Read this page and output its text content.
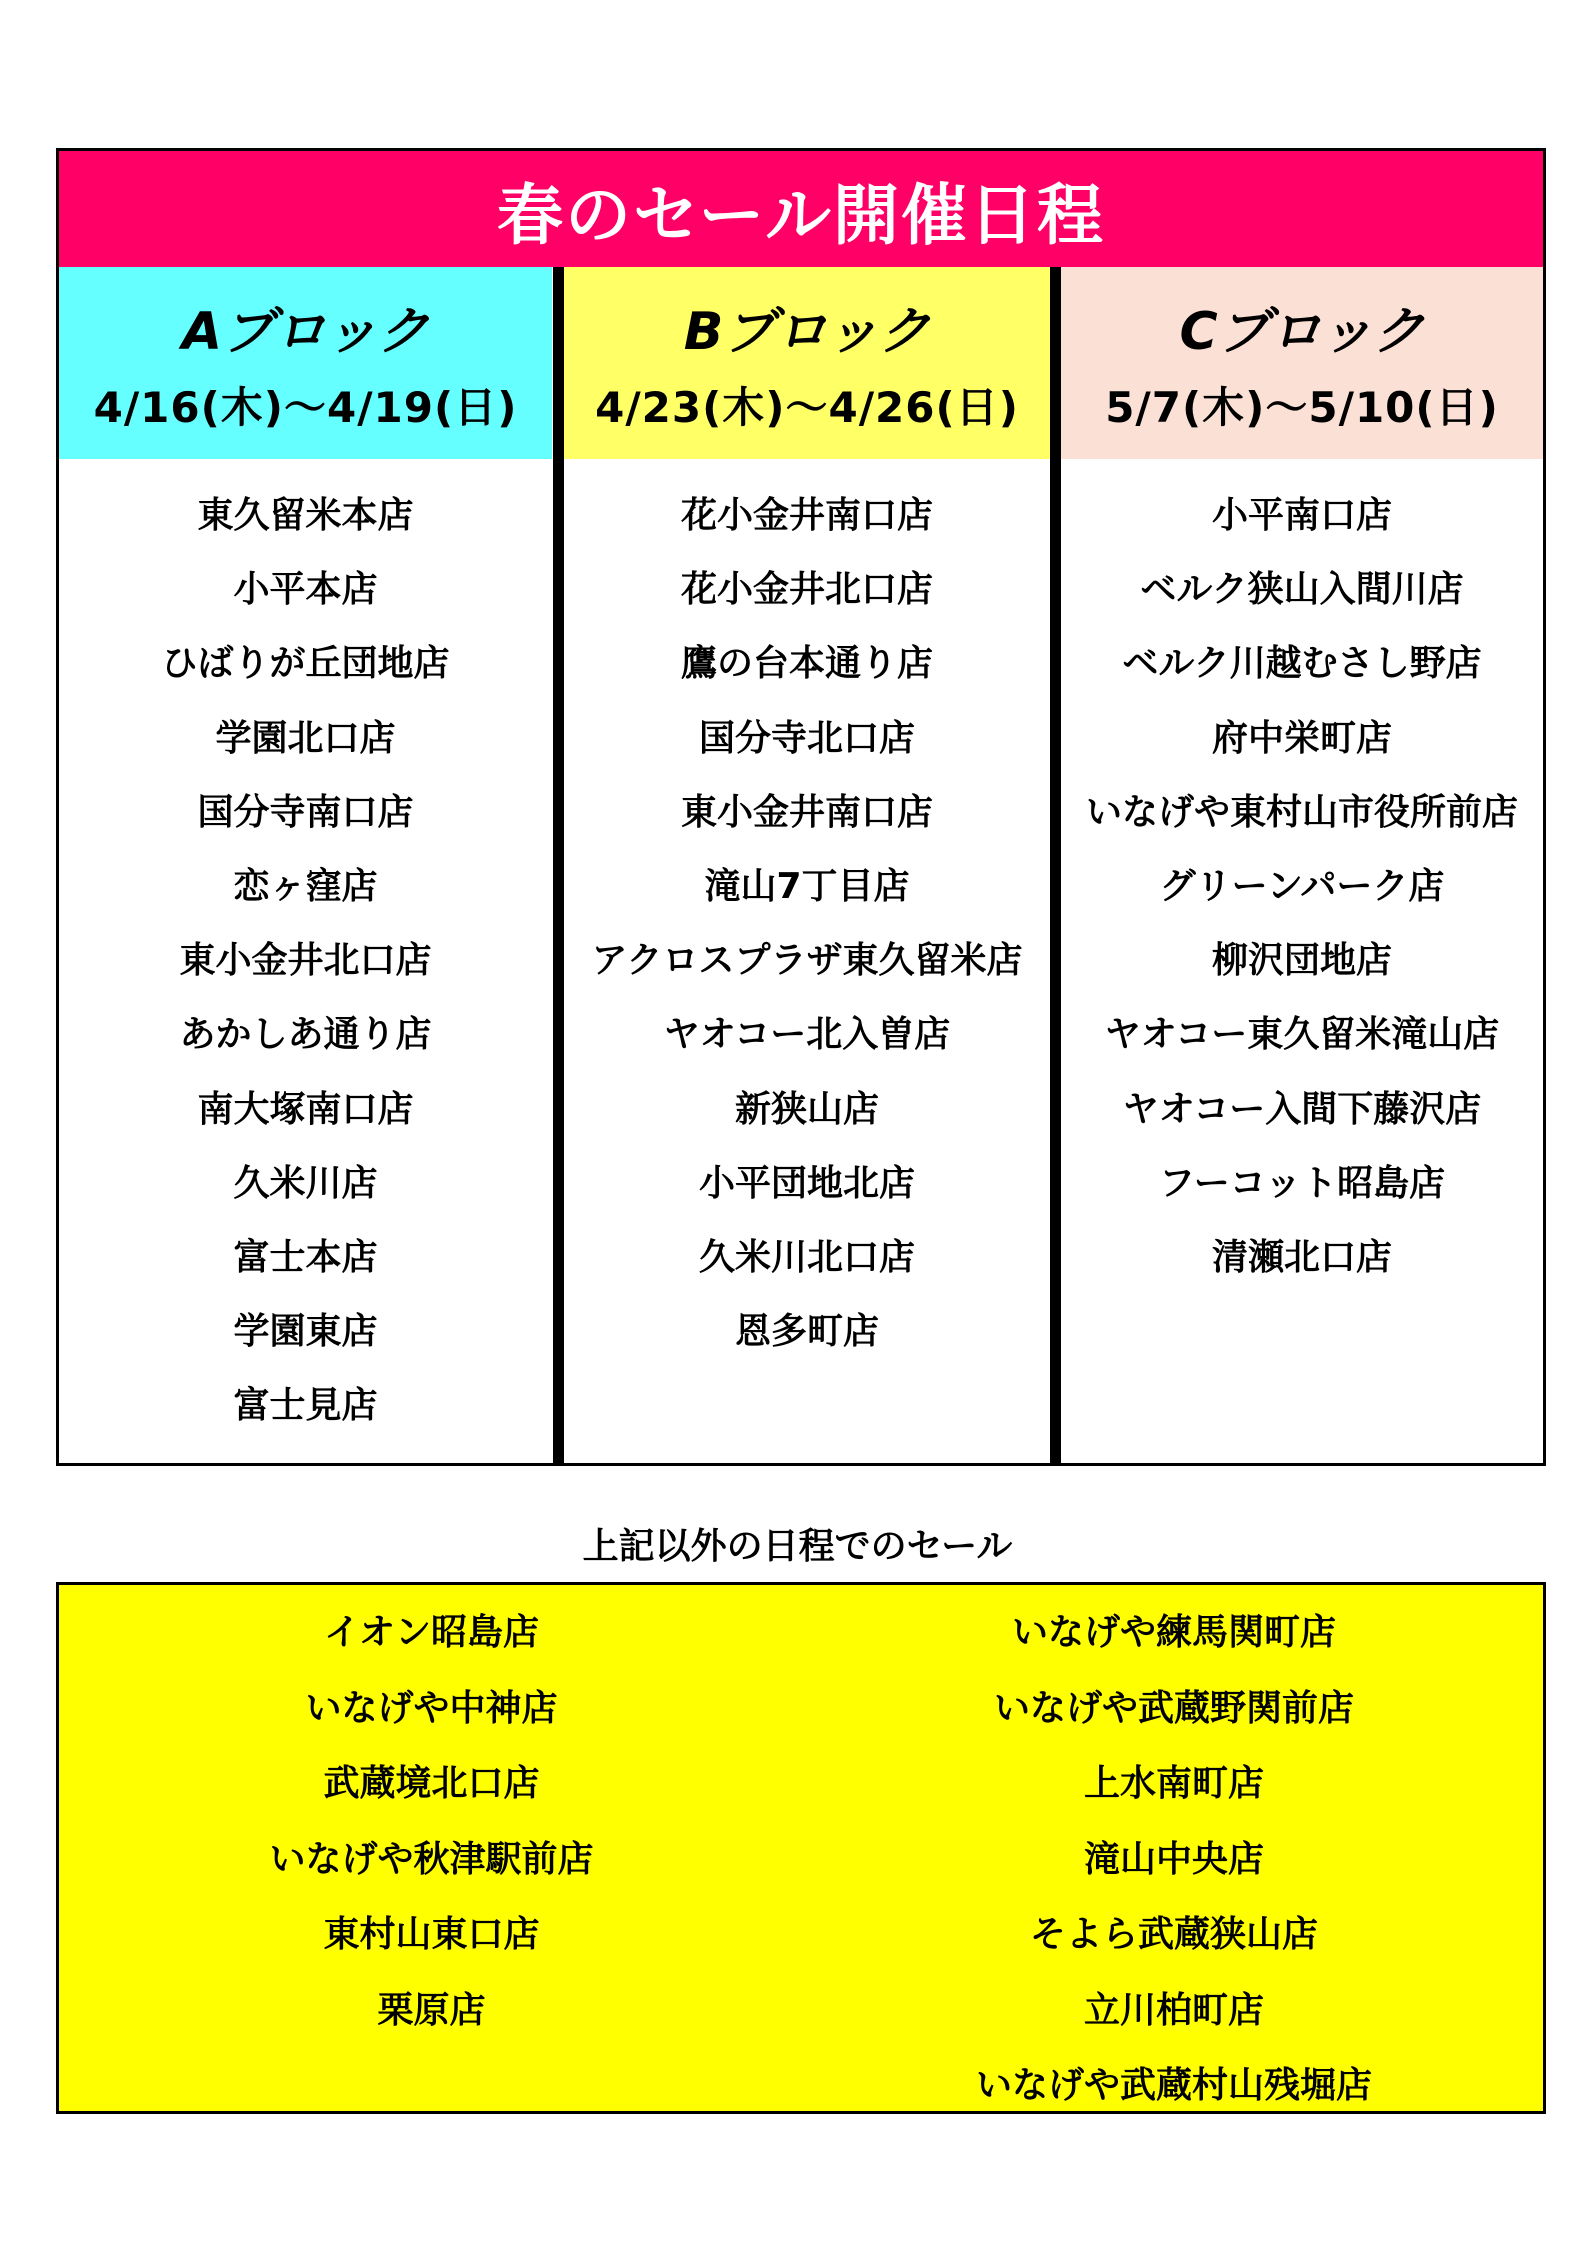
春のセール開催日程
Aブロック
4/16(木)～4/19(日)
東久留米本店
小平本店
ひばりが丘団地店
学園北口店
国分寺南口店
恋ヶ窪店
東小金井北口店
あかしあ通り店
南大塚南口店
久米川店
富士本店
学園東店
富士見店
Bブロック
4/23(木)～4/26(日)
花小金井南口店
花小金井北口店
鷹の台本通り店
国分寺北口店
東小金井南口店
滝山7丁目店
アクロスプラザ東久留米店
ヤオコー北入曽店
新狭山店
小平団地北店
久米川北口店
恩多町店
Cブロック
5/7(木)～5/10(日)
小平南口店
ベルク狭山入間川店
ベルク川越むさし野店
府中栄町店
いなげや東村山市役所前店
グリーンパーク店
柳沢団地店
ヤオコー東久留米滝山店
ヤオコー入間下藤沢店
フーコット昭島店
清瀬北口店
上記以外の日程でのセール
イオン昭島店
いなげや中神店
武蔵境北口店
いなげや秋津駅前店
東村山東口店
栗原店
いなげや練馬関町店
いなげや武蔵野関前店
上水南町店
滝山中央店
そよら武蔵狭山店
立川柏町店
いなげや武蔵村山残堀店
